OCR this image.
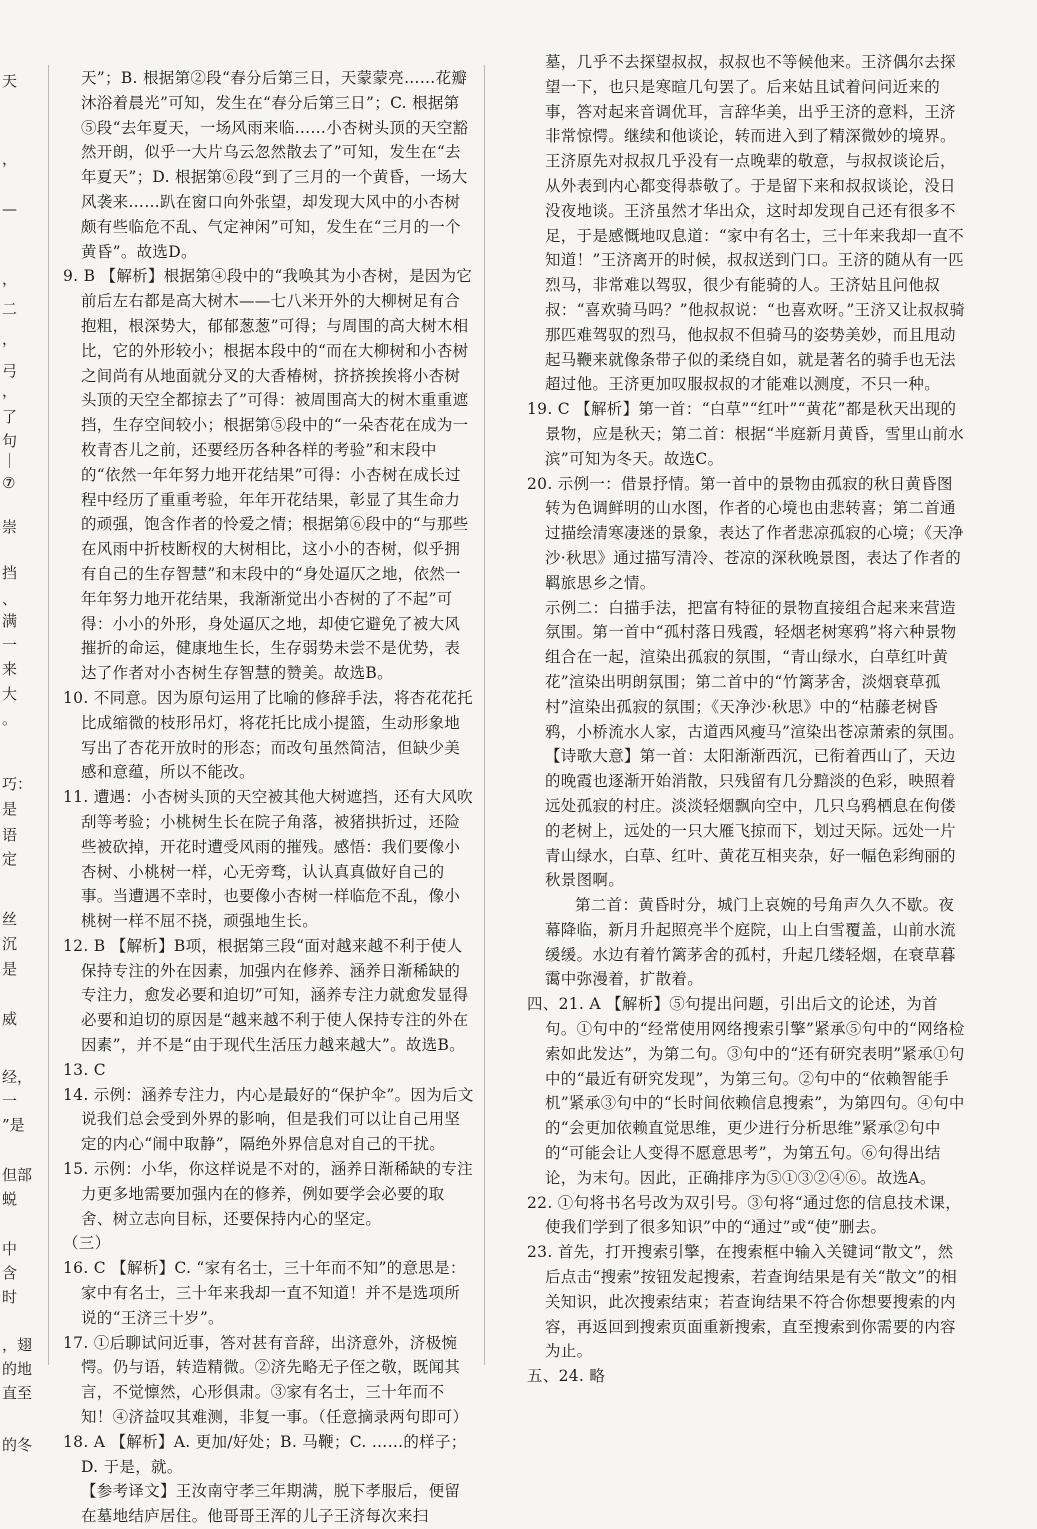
天
，
—
，
二
，
弓
，
了
句
｜
⑦
崇
挡
、
满
一
来
大
。
巧：
是
语
定
丝
沉
是
威
经，
一
”是
但部
蜕
中
含
时
，翅
的地
直至
的冬

天”；B. 根据第②段“春分后第三日，天蒙蒙亮……花瓣沐浴着晨光”可知，发生在“春分后第三日”；C. 根据第⑤段“去年夏天，一场风雨来临……小杏树头顶的天空豁然开朗，似乎一大片乌云忽然散去了”可知，发生在“去年夏天”；D. 根据第⑥段“到了三月的一个黄昏，一场大风袭来……趴在窗口向外张望，却发现大风中的小杏树颇有些临危不乱、气定神闲”可知，发生在“三月的一个黄昏”。故选D。

9. B 【解析】根据第④段中的“我唤其为小杏树，是因为它前后左右都是高大树木——七八米开外的大柳树足有合抱粗，根深势大，郁郁葱葱”可得；与周围的高大树木相比，它的外形较小；根据本段中的“而在大柳树和小杏树之间尚有从地面就分叉的大香椿树，挤挤挨挨将小杏树头顶的天空全都掠去了”可得：被周围高大的树木重重遮挡，生存空间较小；根据第⑤段中的“一朵杏花在成为一枚青杏儿之前，还要经历各种各样的考验”和末段中的“依然一年年努力地开花结果”可得：小杏树在成长过程中经历了重重考验，年年开花结果，彰显了其生命力的顽强，饱含作者的怜爱之情；根据第⑥段中的“与那些在风雨中折枝断杈的大树相比，这小小的杏树，似乎拥有自己的生存智慧”和末段中的“身处逼仄之地，依然一年年努力地开花结果，我渐渐觉出小杏树的了不起”可得：小小的外形，身处逼仄之地，却使它避免了被大风摧折的命运，健康地生长，生存弱势未尝不是优势，表达了作者对小杏树生存智慧的赞美。故选B。

10. 不同意。因为原句运用了比喻的修辞手法，将杏花花托比成缩微的枝形吊灯，将花托比成小提篮，生动形象地写出了杏花开放时的形态；而改句虽然简洁，但缺少美感和意蕴，所以不能改。

11. 遭遇：小杏树头顶的天空被其他大树遮挡，还有大风吹刮等考验；小桃树生长在院子角落，被猪拱折过，还险些被砍掉，开花时遭受风雨的摧残。感悟：我们要像小杏树、小桃树一样，心无旁骛，认认真真做好自己的事。当遭遇不幸时，也要像小杏树一样临危不乱，像小桃树一样不屈不挠，顽强地生长。

12. B 【解析】B项，根据第三段“面对越来越不利于使人保持专注的外在因素，加强内在修养、涵养日渐稀缺的专注力，愈发必要和迫切”可知，涵养专注力就愈发显得必要和迫切的原因是“越来越不利于使人保持专注的外在因素”，并不是“由于现代生活压力越来越大”。故选B。

13. C

14. 示例：涵养专注力，内心是最好的“保护伞”。因为后文说我们总会受到外界的影响，但是我们可以让自己用坚定的内心“闹中取静”，隔绝外界信息对自己的干扰。

15. 示例：小华，你这样说是不对的，涵养日渐稀缺的专注力更多地需要加强内在的修养，例如要学会必要的取舍、树立志向目标，还要保持内心的坚定。

（三）

16. C 【解析】C. “家有名士，三十年而不知”的意思是：家中有名士，三十年来我却一直不知道！并不是选项所说的“王济三十岁”。

17. ①后聊试问近事，答对甚有音辞，出济意外，济极惋愕。仍与语，转造精微。②济先略无子侄之敬，既闻其言，不觉懔然，心形俱肃。③家有名士，三十年而不知！④济益叹其难测，非复一事。（任意摘录两句即可）

18. A 【解析】A. 更加/好处；B. 马鞭；C. ……的样子；D. 于是，就。

【参考译文】王汝南守孝三年期满，脱下孝服后，便留在墓地结庐居住。他哥哥王浑的儿子王济每次来扫

墓，几乎不去探望叔叔，叔叔也不等候他来。王济偶尔去探望一下，也只是寒暄几句罢了。后来姑且试着问问近来的事，答对起来音调优耳，言辞华美，出乎王济的意料，王济非常惊愕。继续和他谈论，转而进入到了精深微妙的境界。王济原先对叔叔几乎没有一点晚辈的敬意，与叔叔谈论后，从外表到内心都变得恭敬了。于是留下来和叔叔谈论，没日没夜地谈。王济虽然才华出众，这时却发现自己还有很多不足，于是感慨地叹息道：“家中有名士，三十年来我却一直不知道！”王济离开的时候，叔叔送到门口。王济的随从有一匹烈马，非常难以驾驭，很少有能骑的人。王济姑且问他叔叔：“喜欢骑马吗？”他叔叔说：“也喜欢呀。”王济又让叔叔骑那匹难驾驭的烈马，他叔叔不但骑马的姿势美妙，而且甩动起马鞭来就像条带子似的柔绕自如，就是著名的骑手也无法超过他。王济更加叹服叔叔的才能难以测度，不只一种。

19. C 【解析】第一首：“白草”“红叶”“黄花”都是秋天出现的景物，应是秋天；第二首：根据“半庭新月黄昏，雪里山前水滨”可知为冬天。故选C。

20. 示例一：借景抒情。第一首中的景物由孤寂的秋日黄昏图转为色调鲜明的山水图，作者的心境也由悲转喜；第二首通过描绘清寒凄迷的景象，表达了作者悲凉孤寂的心境；《天净沙·秋思》通过描写清冷、苍凉的深秋晚景图，表达了作者的羁旅思乡之情。

示例二：白描手法，把富有特征的景物直接组合起来来营造氛围。第一首中“孤村落日残霞，轻烟老树寒鸦”将六种景物组合在一起，渲染出孤寂的氛围，“青山绿水，白草红叶黄花”渲染出明朗氛围；第二首中的“竹篱茅舍，淡烟衰草孤村”渲染出孤寂的氛围；《天净沙·秋思》中的“枯藤老树昏鸦，小桥流水人家，古道西风瘦马”渲染出苍凉萧索的氛围。

【诗歌大意】第一首：太阳渐渐西沉，已衔着西山了，天边的晚霞也逐渐开始消散，只残留有几分黯淡的色彩，映照着远处孤寂的村庄。淡淡轻烟飘向空中，几只乌鸦栖息在佝偻的老树上，远处的一只大雁飞掠而下，划过天际。远处一片青山绿水，白草、红叶、黄花互相夹杂，好一幅色彩绚丽的秋景图啊。

第二首：黄昏时分，城门上哀婉的号角声久久不歇。夜幕降临，新月升起照亮半个庭院，山上白雪覆盖，山前水流缓缓。水边有着竹篱茅舍的孤村，升起几缕轻烟，在衰草暮霭中弥漫着，扩散着。

四、21. A 【解析】⑤句提出问题，引出后文的论述，为首句。①句中的“经常使用网络搜索引擎”紧承⑤句中的“网络检索如此发达”，为第二句。③句中的“还有研究表明”紧承①句中的“最近有研究发现”，为第三句。②句中的“依赖智能手机”紧承③句中的“长时间依赖信息搜索”，为第四句。④句中的“会更加依赖直觉思维，更少进行分析思维”紧承②句中的“可能会让人变得不愿意思考”，为第五句。⑥句得出结论，为末句。因此，正确排序为⑤①③②④⑥。故选A。

22. ①句将书名号改为双引号。③句将“通过您的信息技术课，使我们学到了很多知识”中的“通过”或“使”删去。

23. 首先，打开搜索引擎，在搜索框中输入关键词“散文”，然后点击“搜索”按钮发起搜索，若查询结果是有关“散文”的相关知识，此次搜索结束；若查询结果不符合你想要搜索的内容，再返回到搜索页面重新搜索，直至搜索到你需要的内容为止。

五、24. 略
